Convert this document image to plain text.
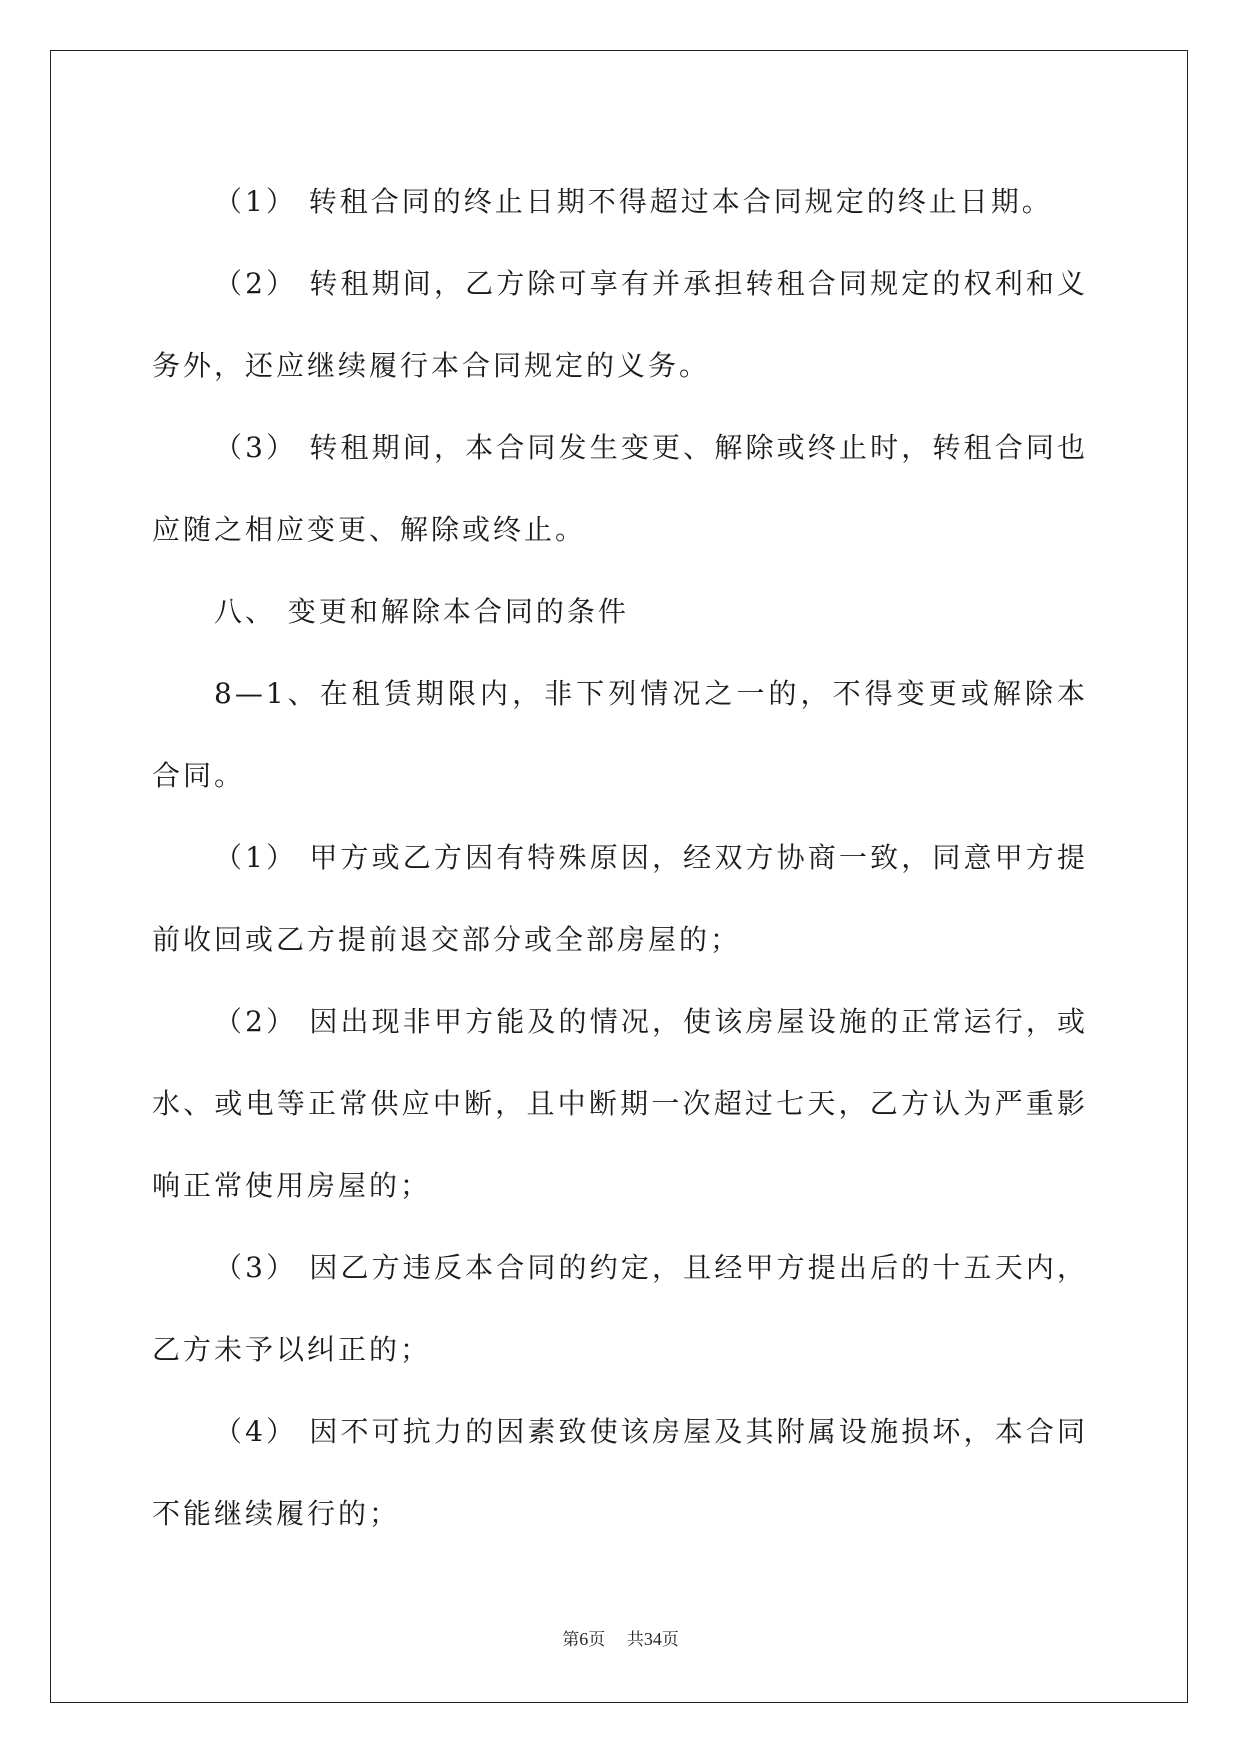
（1） 转租合同的终止日期不得超过本合同规定的终止日期。

（2） 转租期间，乙方除可享有并承担转租合同规定的权利和义务外，还应继续履行本合同规定的义务。

（3） 转租期间，本合同发生变更、解除或终止时，转租合同也应随之相应变更、解除或终止。

八、 变更和解除本合同的条件

8—1、在租赁期限内，非下列情况之一的，不得变更或解除本合同。

（1） 甲方或乙方因有特殊原因，经双方协商一致，同意甲方提前收回或乙方提前退交部分或全部房屋的；

（2） 因出现非甲方能及的情况，使该房屋设施的正常运行，或水、或电等正常供应中断，且中断期一次超过七天，乙方认为严重影响正常使用房屋的；

（3） 因乙方违反本合同的约定，且经甲方提出后的十五天内，乙方未予以纠正的；

（4） 因不可抗力的因素致使该房屋及其附属设施损坏，本合同不能继续履行的；

第6页 共34页
